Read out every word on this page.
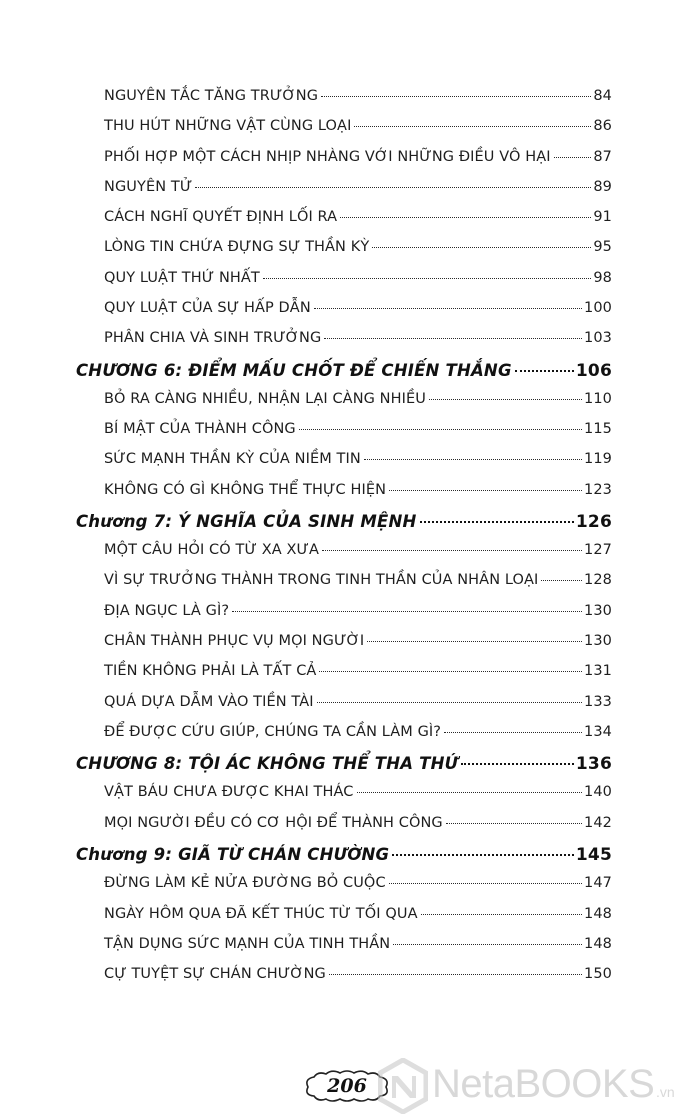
NGUYÊN TẮC TĂNG TRƯỞNG	84
THU HÚT NHỮNG VẬT CÙNG LOẠI	86
PHỐI HỢP MỘT CÁCH NHỊP NHÀNG VỚI NHỮNG ĐIỀU VÔ HẠI	87
NGUYÊN TỬ	89
CÁCH NGHĨ QUYẾT ĐỊNH LỐI RA	91
LÒNG TIN CHỨA ĐỰNG SỰ THẦN KỲ	95
QUY LUẬT THỨ NHẤT	98
QUY LUẬT CỦA SỰ HẤP DẪN	100
PHÂN CHIA VÀ SINH TRƯỞNG	103
CHƯƠNG 6: ĐIỂM MẤU CHỐT ĐỂ CHIẾN THẮNG	106
BỎ RA CÀNG NHIỀU, NHẬN LẠI CÀNG NHIỀU	110
BÍ MẬT CỦA THÀNH CÔNG	115
SỨC MẠNH THẦN KỲ CỦA NIỀM TIN	119
KHÔNG CÓ GÌ KHÔNG THỂ THỰC HIỆN	123
Chương 7: Ý NGHĨA CỦA SINH MỆNH	126
MỘT CÂU HỎI CÓ TỪ XA XƯA	127
VÌ SỰ TRƯỞNG THÀNH TRONG TINH THẦN CỦA NHÂN LOẠI	128
ĐỊA NGỤC LÀ GÌ?	130
CHÂN THÀNH PHỤC VỤ MỌI NGƯỜI	130
TIỀN KHÔNG PHẢI LÀ TẤT CẢ	131
QUÁ DỰA DẪM VÀO TIỀN TÀI	133
ĐỂ ĐƯỢC CỨU GIÚP, CHÚNG TA CẦN LÀM GÌ?	134
CHƯƠNG 8: TỘI ÁC KHÔNG THỂ THA THỨ	136
VẬT BÁU CHƯA ĐƯỢC KHAI THÁC	140
MỌI NGƯỜI ĐỀU CÓ CƠ HỘI ĐỂ THÀNH CÔNG	142
Chương 9: GIÃ TỪ CHÁN CHƯỜNG	145
ĐỪNG LÀM KẺ NỬA ĐƯỜNG BỎ CUỘC	147
NGÀY HÔM QUA ĐÃ KẾT THÚC TỪ TỐI QUA	148
TẬN DỤNG SỨC MẠNH CỦA TINH THẦN	148
CỰ TUYỆT SỰ CHÁN CHƯỜNG	150
206	NetaBOOKS .vn
